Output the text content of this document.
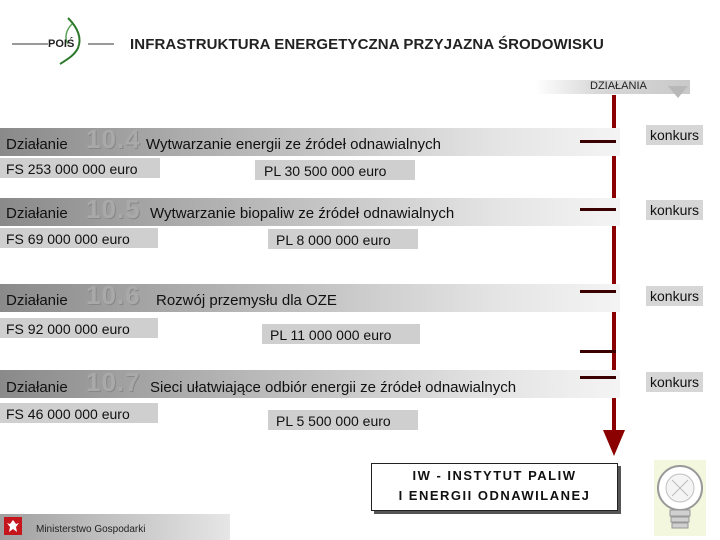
POIŚ	INFRASTRUKTURA ENERGETYCZNA PRZYJAZNA ŚRODOWISKU
DZIAŁANIA
Działanie 10.4 Wytwarzanie energii ze źródeł odnawialnych
FS 253 000 000 euro	PL 30 500 000 euro
konkurs
Działanie 10.5 Wytwarzanie biopaliw ze źródeł odnawialnych
FS 69 000 000 euro	PL 8 000 000 euro
konkurs
Działanie 10.6 Rozwój przemysłu dla OZE
FS 92 000 000 euro	PL 11 000 000 euro
konkurs
Działanie 10.7 Sieci ułatwiające odbiór energii ze źródeł odnawialnych
FS 46 000 000 euro	PL 5 500 000 euro
konkurs
IW - INSTYTUT PALIW
I ENERGII ODNAWILANEJ
Ministerstwo Gospodarki
